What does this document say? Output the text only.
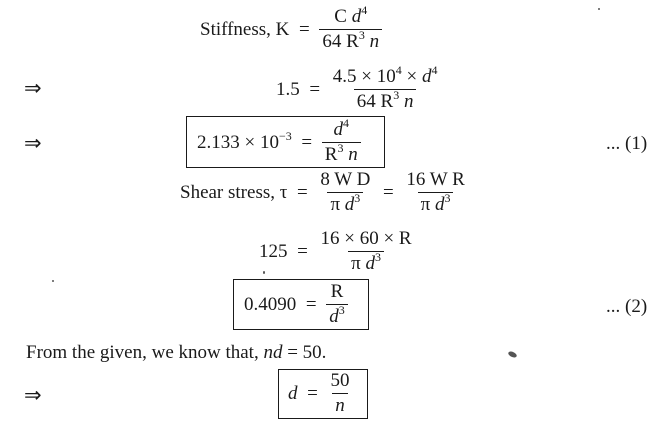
Stiffness, $K = \frac{C d^4}{64 R^3 n}$
⇒	$1.5 = \frac{4.5 \times 10^4 \times d^4}{64 R^3 n}$
⇒	$2.133 \times 10^{-3} = \frac{d^4}{R^3 n}$	... (1)
Shear stress, $\tau = \frac{\text{8 W D}}{\pi d^3} = \frac{\text{16 W R}}{\pi d^3}$
$125 = \frac{16 \times 60 \times R}{\pi d^3}$
$0.4090 = \frac{R}{d^3}$	... (2)
From the given, we know that, nd = 50.
⇒	$d = \frac{50}{n}$
